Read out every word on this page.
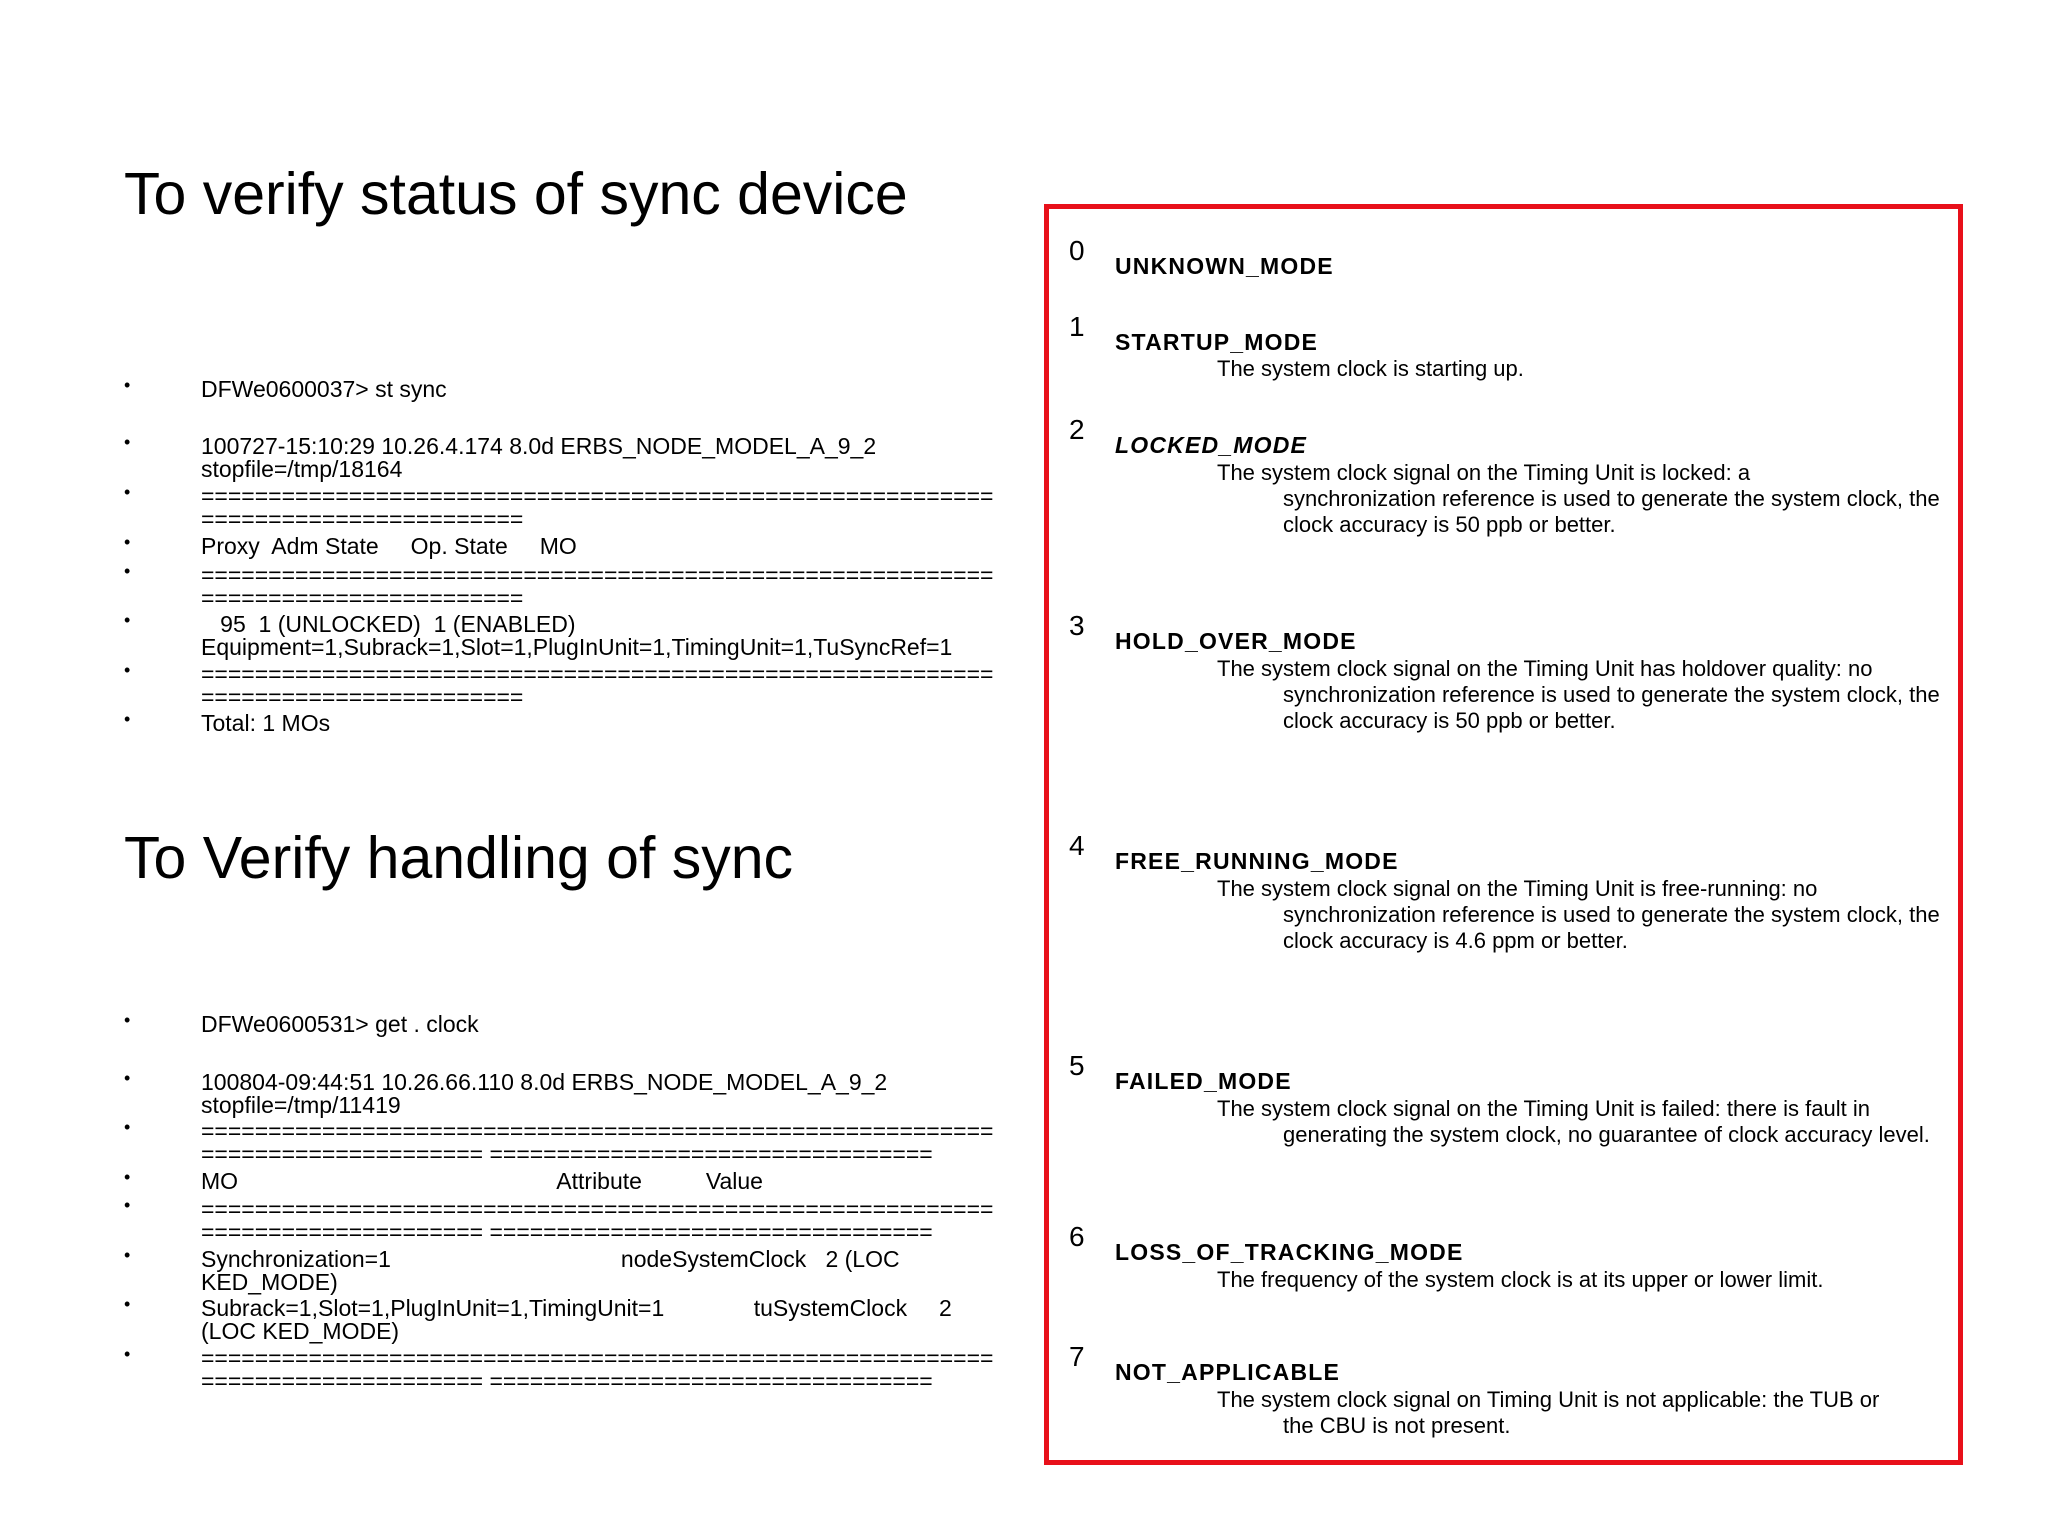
To verify status of sync device
•	DFWe0600037> st sync
•	100727-15:10:29 10.26.4.174 8.0d ERBS_NODE_MODEL_A_9_2
stopfile=/tmp/18164
•	===========================================================
========================
•	Proxy  Adm State     Op. State     MO
•	===========================================================
========================
•	95  1 (UNLOCKED)  1 (ENABLED)
Equipment=1,Subrack=1,Slot=1,PlugInUnit=1,TimingUnit=1,TuSyncRef=1
•	===========================================================
========================
•	Total: 1 MOs
To Verify handling of sync
•	DFWe0600531> get . clock
•	100804-09:44:51 10.26.66.110 8.0d ERBS_NODE_MODEL_A_9_2
stopfile=/tmp/11419
•	===========================================================
===================== =================================
•	MO                                                  Attribute          Value
•	===========================================================
===================== =================================
•	Synchronization=1                                    nodeSystemClock   2 (LOC
KED_MODE)
•	Subrack=1,Slot=1,PlugInUnit=1,TimingUnit=1              tuSystemClock     2
(LOC KED_MODE)
•	===========================================================
===================== =================================
0 UNKNOWN_MODE
1 STARTUP_MODE
The system clock is starting up.
2 LOCKED_MODE
The system clock signal on the Timing Unit is locked: a
synchronization reference is used to generate the system clock, the clock accuracy is 50 ppb or better.
3 HOLD_OVER_MODE
The system clock signal on the Timing Unit has holdover quality: no
synchronization reference is used to generate the system clock, the clock accuracy is 50 ppb or better.
4 FREE_RUNNING_MODE
The system clock signal on the Timing Unit is free-running: no
synchronization reference is used to generate the system clock, the clock accuracy is 4.6 ppm or better.
5 FAILED_MODE
The system clock signal on the Timing Unit is failed: there is fault in
generating the system clock, no guarantee of clock accuracy level.
6 LOSS_OF_TRACKING_MODE
The frequency of the system clock is at its upper or lower limit.
7 NOT_APPLICABLE
The system clock signal on Timing Unit is not applicable: the TUB or
the CBU is not present.
